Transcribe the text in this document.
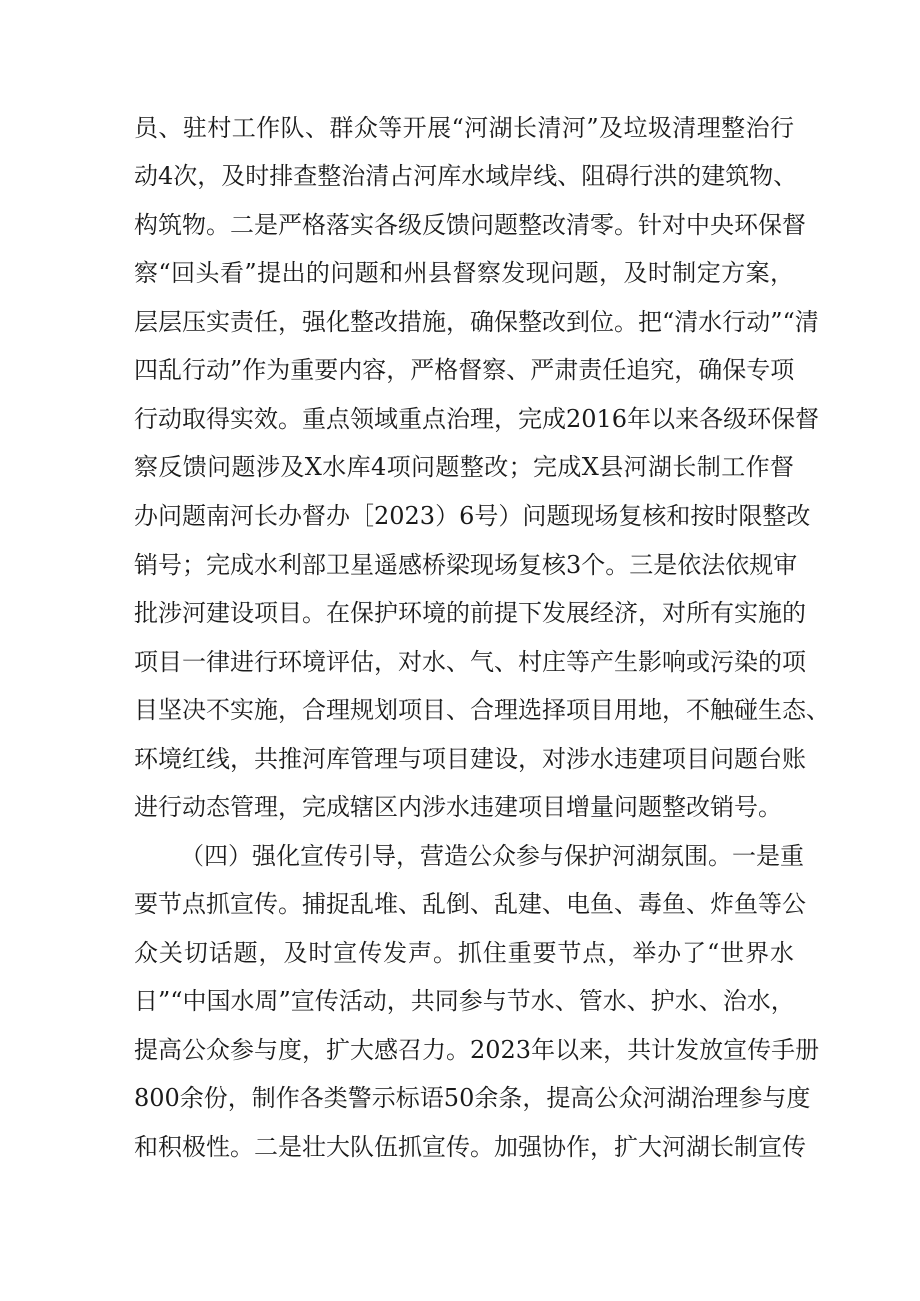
员、驻村工作队、群众等开展“河湖长清河”及垃圾清理整治行
动4次，及时排查整治清占河库水域岸线、阻碍行洪的建筑物、
构筑物。二是严格落实各级反馈问题整改清零。针对中央环保督
察“回头看”提出的问题和州县督察发现问题，及时制定方案，
层层压实责任，强化整改措施，确保整改到位。把“清水行动”“清
四乱行动”作为重要内容，严格督察、严肃责任追究，确保专项
行动取得实效。重点领域重点治理，完成2016年以来各级环保督
察反馈问题涉及X水库4项问题整改；完成X县河湖长制工作督
办问题南河长办督办［2023）6号）问题现场复核和按时限整改
销号；完成水利部卫星遥感桥梁现场复核3个。三是依法依规审
批涉河建设项目。在保护环境的前提下发展经济，对所有实施的
项目一律进行环境评估，对水、气、村庄等产生影响或污染的项
目坚决不实施，合理规划项目、合理选择项目用地，不触碰生态、
环境红线，共推河库管理与项目建设，对涉水违建项目问题台账
进行动态管理，完成辖区内涉水违建项目增量问题整改销号。
（四）强化宣传引导，营造公众参与保护河湖氛围。一是重
要节点抓宣传。捕捉乱堆、乱倒、乱建、电鱼、毒鱼、炸鱼等公
众关切话题，及时宣传发声。抓住重要节点，举办了“世界水
日”“中国水周”宣传活动，共同参与节水、管水、护水、治水，
提高公众参与度，扩大感召力。2023年以来，共计发放宣传手册
800余份，制作各类警示标语50余条，提高公众河湖治理参与度
和积极性。二是壮大队伍抓宣传。加强协作，扩大河湖长制宣传
